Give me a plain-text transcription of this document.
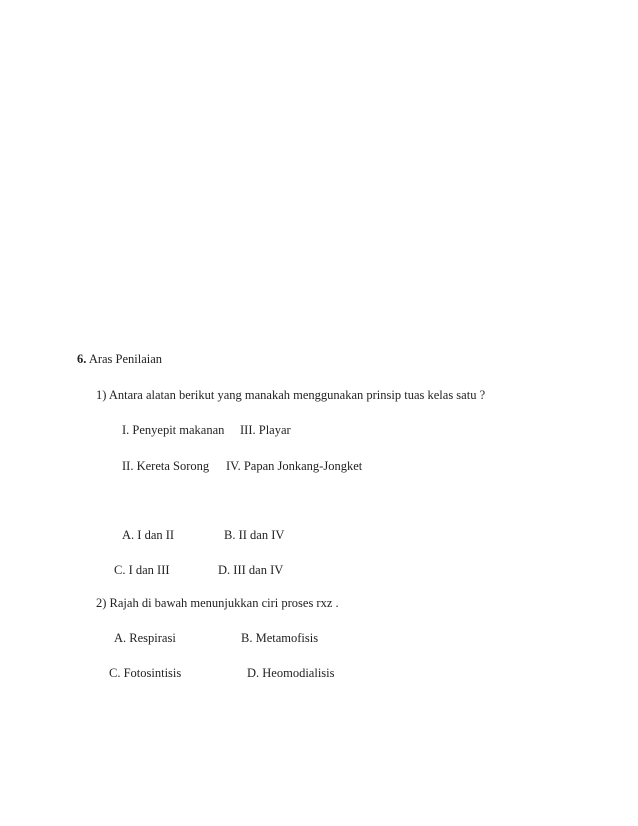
6. Aras Penilaian
1) Antara alatan berikut yang manakah menggunakan prinsip tuas kelas satu ?
I. Penyepit makanan III. Playar
II. Kereta Sorong IV. Papan Jonkang-Jongket
A. I dan II	B. II dan IV
C. I dan III	D. III dan IV
2) Rajah di bawah menunjukkan ciri proses rxz .
A. Respirasi	B. Metamofisis
C. Fotosintisis	D. Heomodialisis
